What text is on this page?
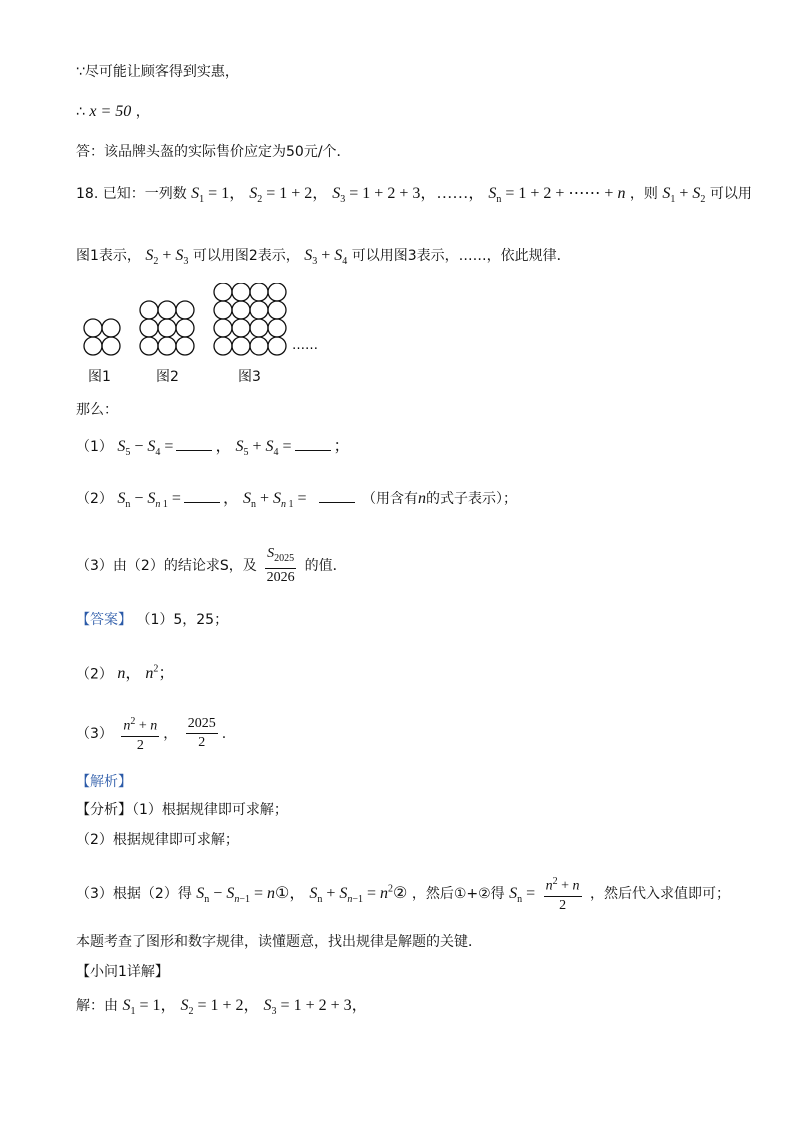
∵尽可能让顾客得到实惠，
∴ x = 50 ，
答：该品牌头盔的实际售价应定为50元/个．
18. 已知：一列数 $S_1 = 1$， $S_2 = 1 + 2$， $S_3 = 1 + 2 + 3$，……， $S_n = 1 + 2$ + ⋯⋯ + n ，则 $S_1 + S_2$ 可以用
图1表示， $S_2 + S_3$ 可以用图2表示， $S_3 + S_4$ 可以用图3表示，……，依此规律．
……
图1	图2	图3
那么：
（1） $S_5 - S_4$ =	， $S_5 + S_4$ =	；
（2） $S_n - S_{n 1}$ =	， $S_n + S_{n 1}$ =	（用含有n的式子表示）；
（3）由（2）的结论求S，及 $\frac{S_{2025}}{2026}$ 的值．
【答案】 （1）5，25；
（2） n， $n^2$；
$(3) \frac{n^2 + n}{2}$ ， $\frac{2025}{2}$ .
【解析】
【分析】（1）根据规律即可求解；
（2）根据规律即可求解；
（3）根据（2）得 $S_n - S_{n-1}$ = n①， $S_n + S_{n-1}$ = $n^2②$ ，然后①+②得 $S_n = \frac{n^2 + n}{2}$ ，然后代入求值即可；
本题考查了图形和数字规律，读懂题意，找出规律是解题的关键．
【小问1详解】
解：由 $S_1 = 1$， $S_2 = 1 + 2$， $S_3 = 1 + 2 + 3$，
